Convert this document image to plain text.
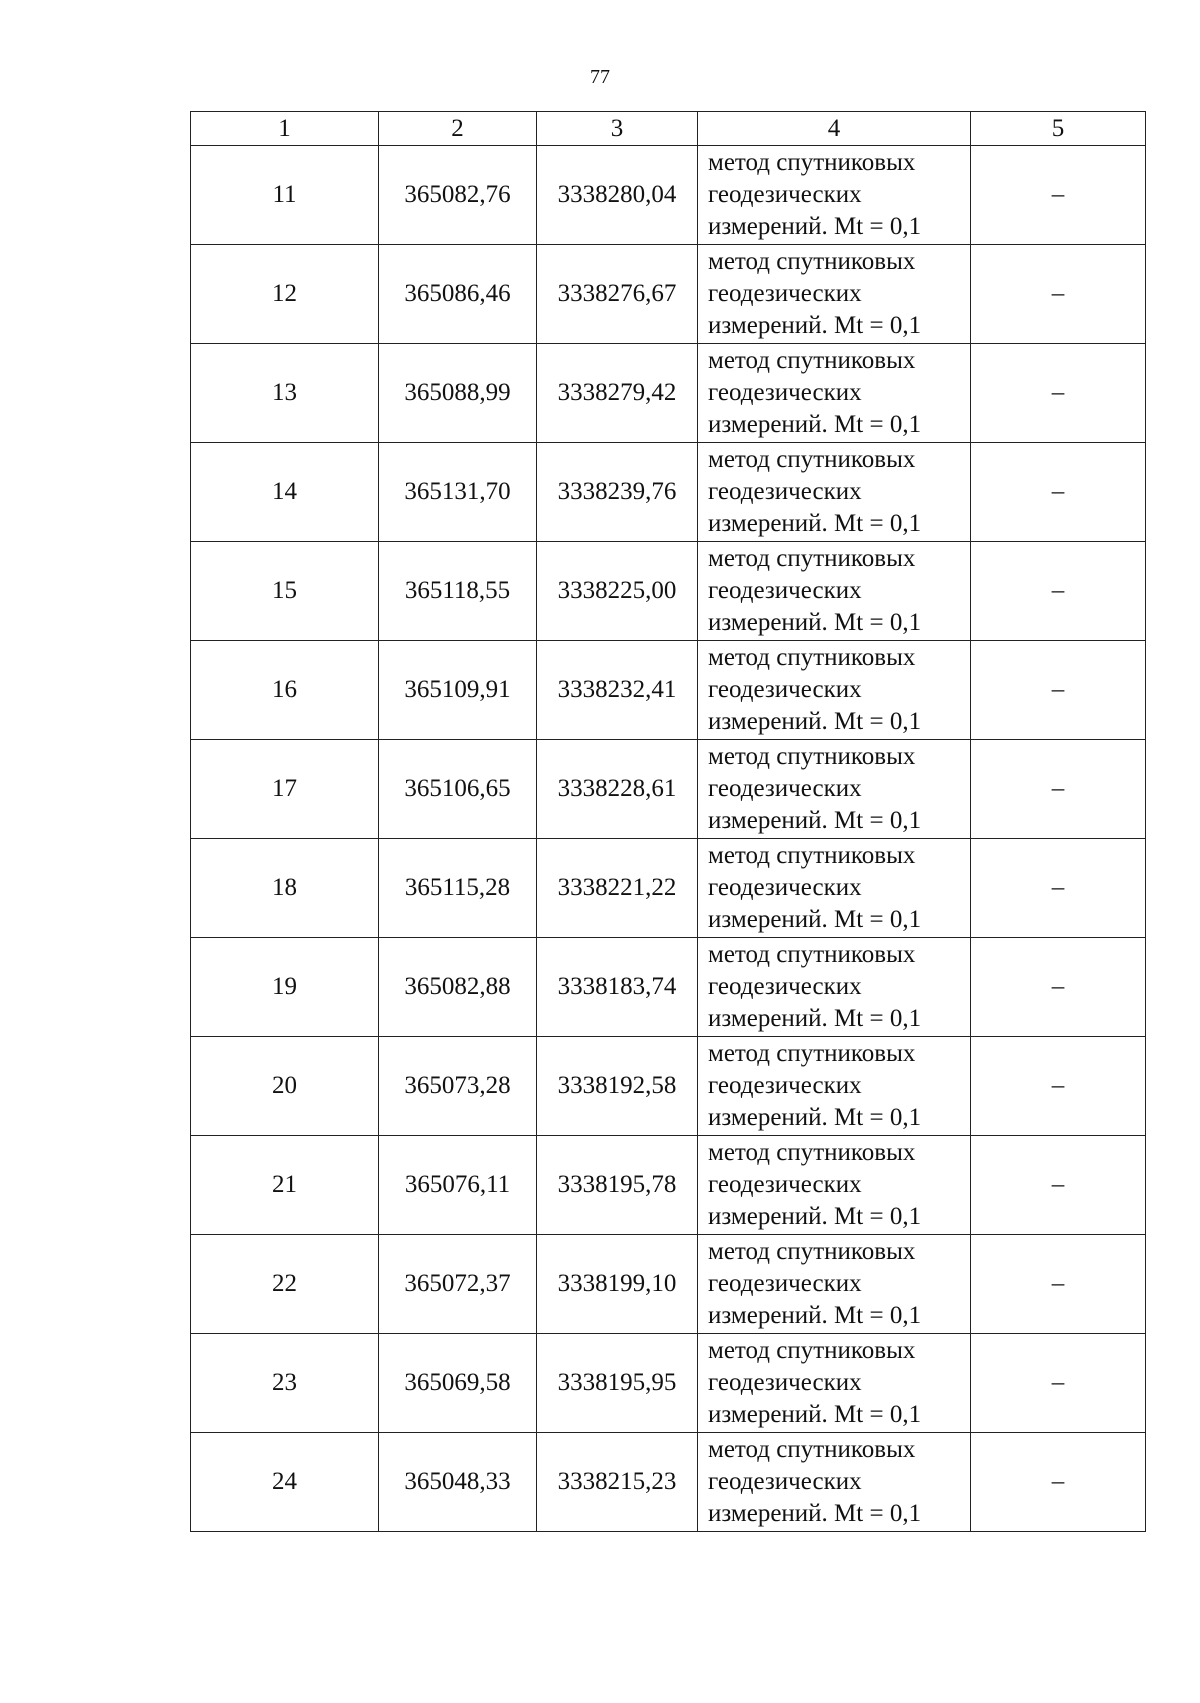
77
1	2	3	4	5
11	365082,76	3338280,04	метод спутниковых
геодезических
измерений. Mt = 0,1	–
12	365086,46	3338276,67	метод спутниковых
геодезических
измерений. Mt = 0,1	–
13	365088,99	3338279,42	метод спутниковых
геодезических
измерений. Mt = 0,1	–
14	365131,70	3338239,76	метод спутниковых
геодезических
измерений. Mt = 0,1	–
15	365118,55	3338225,00	метод спутниковых
геодезических
измерений. Mt = 0,1	–
16	365109,91	3338232,41	метод спутниковых
геодезических
измерений. Mt = 0,1	–
17	365106,65	3338228,61	метод спутниковых
геодезических
измерений. Mt = 0,1	–
18	365115,28	3338221,22	метод спутниковых
геодезических
измерений. Mt = 0,1	–
19	365082,88	3338183,74	метод спутниковых
геодезических
измерений. Mt = 0,1	–
20	365073,28	3338192,58	метод спутниковых
геодезических
измерений. Mt = 0,1	–
21	365076,11	3338195,78	метод спутниковых
геодезических
измерений. Mt = 0,1	–
22	365072,37	3338199,10	метод спутниковых
геодезических
измерений. Mt = 0,1	–
23	365069,58	3338195,95	метод спутниковых
геодезических
измерений. Mt = 0,1	–
24	365048,33	3338215,23	метод спутниковых
геодезических
измерений. Mt = 0,1	–
